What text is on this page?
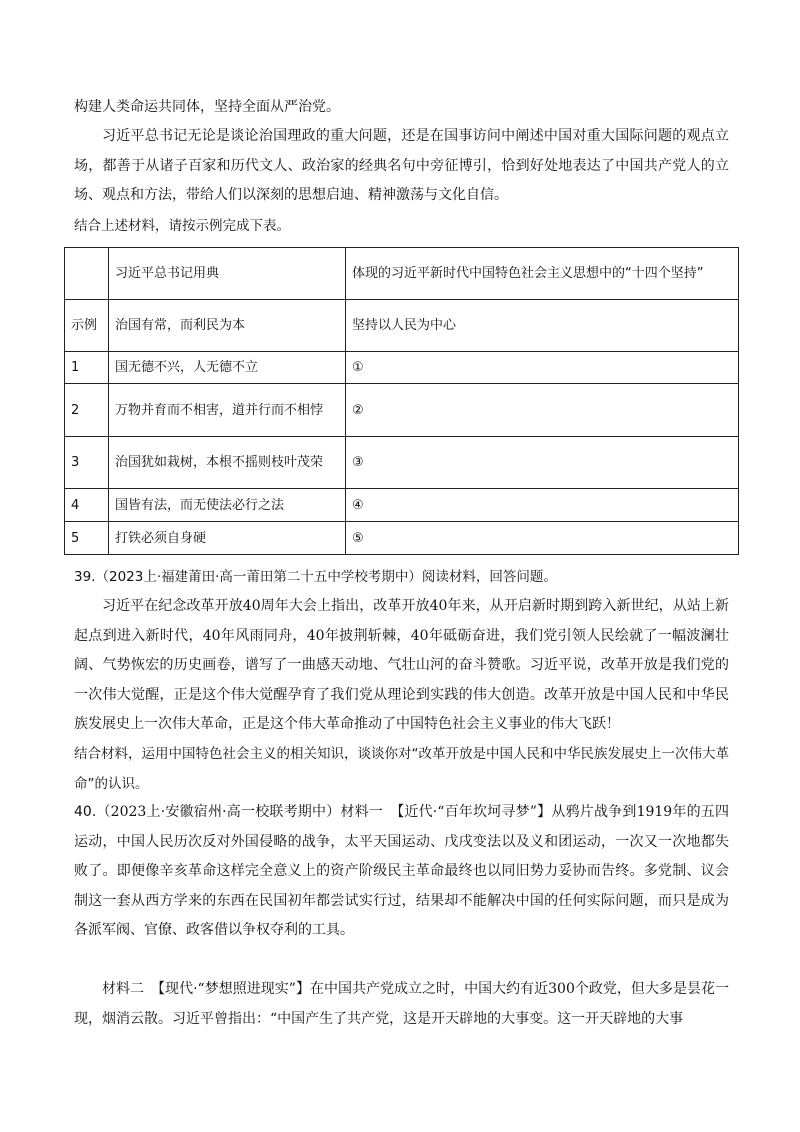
构建人类命运共同体，坚持全面从严治党。

习近平总书记无论是谈论治国理政的重大问题，还是在国事访问中阐述中国对重大国际问题的观点立场，都善于从诸子百家和历代文人、政治家的经典名句中旁征博引，恰到好处地表达了中国共产党人的立场、观点和方法，带给人们以深刻的思想启迪、精神激荡与文化自信。

结合上述材料，请按示例完成下表。

	习近平总书记用典	体现的习近平新时代中国特色社会主义思想中的“十四个坚持”
示例	治国有常，而利民为本	坚持以人民为中心
1	国无德不兴，人无德不立	①
2	万物并育而不相害，道并行而不相悖	②
3	治国犹如栽树，本根不摇则枝叶茂荣	③
4	国皆有法，而无使法必行之法	④
5	打铁必须自身硬	⑤

39.（2023上·福建莆田·高一莆田第二十五中学校考期中）阅读材料，回答问题。

习近平在纪念改革开放40周年大会上指出，改革开放40年来，从开启新时期到跨入新世纪，从站上新起点到进入新时代，40年风雨同舟，40年披荆斩棘，40年砥砺奋进，我们党引领人民绘就了一幅波澜壮阔、气势恢宏的历史画卷，谱写了一曲感天动地、气壮山河的奋斗赞歌。习近平说，改革开放是我们党的一次伟大觉醒，正是这个伟大觉醒孕育了我们党从理论到实践的伟大创造。改革开放是中国人民和中华民族发展史上一次伟大革命，正是这个伟大革命推动了中国特色社会主义事业的伟大飞跃！

结合材料，运用中国特色社会主义的相关知识，谈谈你对“改革开放是中国人民和中华民族发展史上一次伟大革命”的认识。

40.（2023上·安徽宿州·高一校联考期中）材料一　【近代·“百年坎坷寻梦”】从鸦片战争到1919年的五四运动，中国人民历次反对外国侵略的战争，太平天国运动、戊戌变法以及义和团运动，一次又一次地都失败了。即便像辛亥革命这样完全意义上的资产阶级民主革命最终也以同旧势力妥协而告终。多党制、议会制这一套从西方学来的东西在民国初年都尝试实行过，结果却不能解决中国的任何实际问题，而只是成为各派军阀、官僚、政客借以争权夺利的工具。

材料二　【现代·“梦想照进现实”】在中国共产党成立之时，中国大约有近300个政党，但大多是昙花一现，烟消云散。习近平曾指出：“中国产生了共产党，这是开天辟地的大事变。这一开天辟地的大事
